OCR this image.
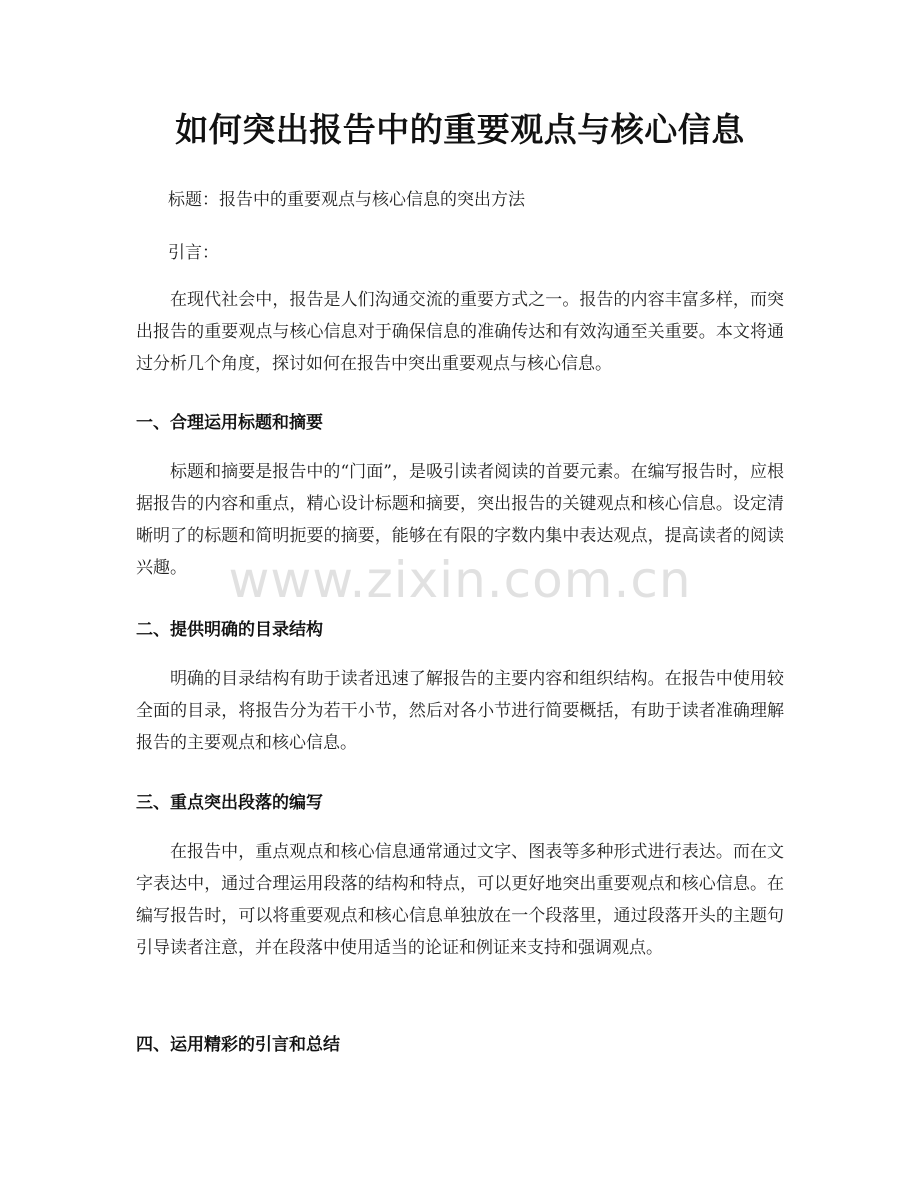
如何突出报告中的重要观点与核心信息
标题：报告中的重要观点与核心信息的突出方法
引言：

在现代社会中，报告是人们沟通交流的重要方式之一。报告的内容丰富多样，而突出报告的重要观点与核心信息对于确保信息的准确传达和有效沟通至关重要。本文将通过分析几个角度，探讨如何在报告中突出重要观点与核心信息。

一、合理运用标题和摘要

标题和摘要是报告中的“门面”，是吸引读者阅读的首要元素。在编写报告时，应根据报告的内容和重点，精心设计标题和摘要，突出报告的关键观点和核心信息。设定清晰明了的标题和简明扼要的摘要，能够在有限的字数内集中表达观点，提高读者的阅读兴趣。

二、提供明确的目录结构

明确的目录结构有助于读者迅速了解报告的主要内容和组织结构。在报告中使用较全面的目录，将报告分为若干小节，然后对各小节进行简要概括，有助于读者准确理解报告的主要观点和核心信息。

三、重点突出段落的编写

在报告中，重点观点和核心信息通常通过文字、图表等多种形式进行表达。而在文字表达中，通过合理运用段落的结构和特点，可以更好地突出重要观点和核心信息。在编写报告时，可以将重要观点和核心信息单独放在一个段落里，通过段落开头的主题句引导读者注意，并在段落中使用适当的论证和例证来支持和强调观点。

四、运用精彩的引言和总结
www.zixin.com.cn
